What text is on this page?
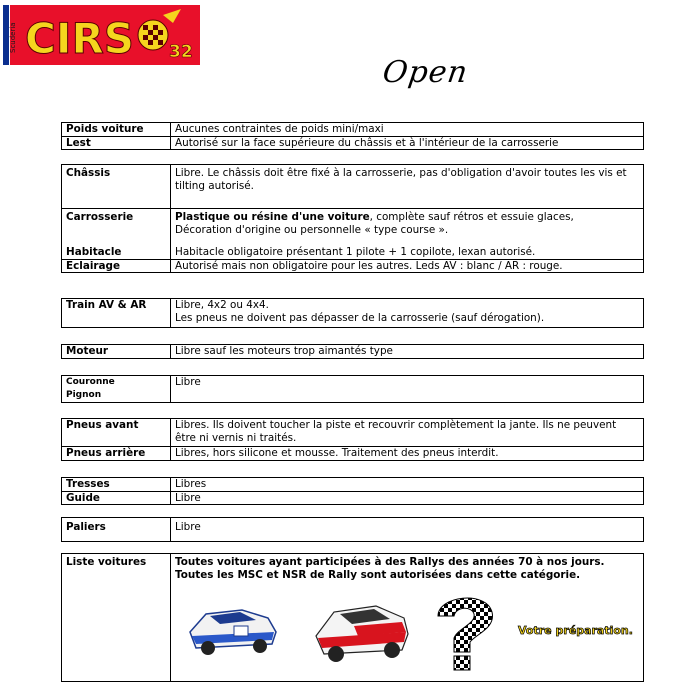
Scuderia CIRS 32
Open
Poids voiture	Aucunes contraintes de poids mini/maxi
Lest	Autorisé sur la face supérieure du châssis et à l'intérieur de la carrosserie
Châssis	Libre. Le châssis doit être fixé à la carrosserie, pas d'obligation d'avoir toutes les vis et tilting autorisé.
Carrosserie	Plastique ou résine d'une voiture, complète sauf rétros et essuie glaces,
Décoration d'origine ou personnelle « type course ».
Habitacle	Habitacle obligatoire présentant 1 pilote + 1 copilote, lexan autorisé.
Eclairage	Autorisé mais non obligatoire pour les autres. Leds AV : blanc / AR : rouge.
Train AV & AR	Libre, 4x2 ou 4x4.
Les pneus ne doivent pas dépasser de la carrosserie (sauf dérogation).
Moteur	Libre sauf les moteurs trop aimantés type
Couronne
Pignon	Libre
Pneus avant	Libres. Ils doivent toucher la piste et recouvrir complètement la jante. Ils ne peuvent être ni vernis ni traités.
Pneus arrière	Libres, hors silicone et mousse. Traitement des pneus interdit.
Tresses	Libres
Guide	Libre
Paliers	Libre
Liste voitures	Toutes voitures ayant participées à des Rallys des années 70 à nos jours.
Toutes les MSC et NSR de Rally sont autorisées dans cette catégorie.
Votre préparation.
